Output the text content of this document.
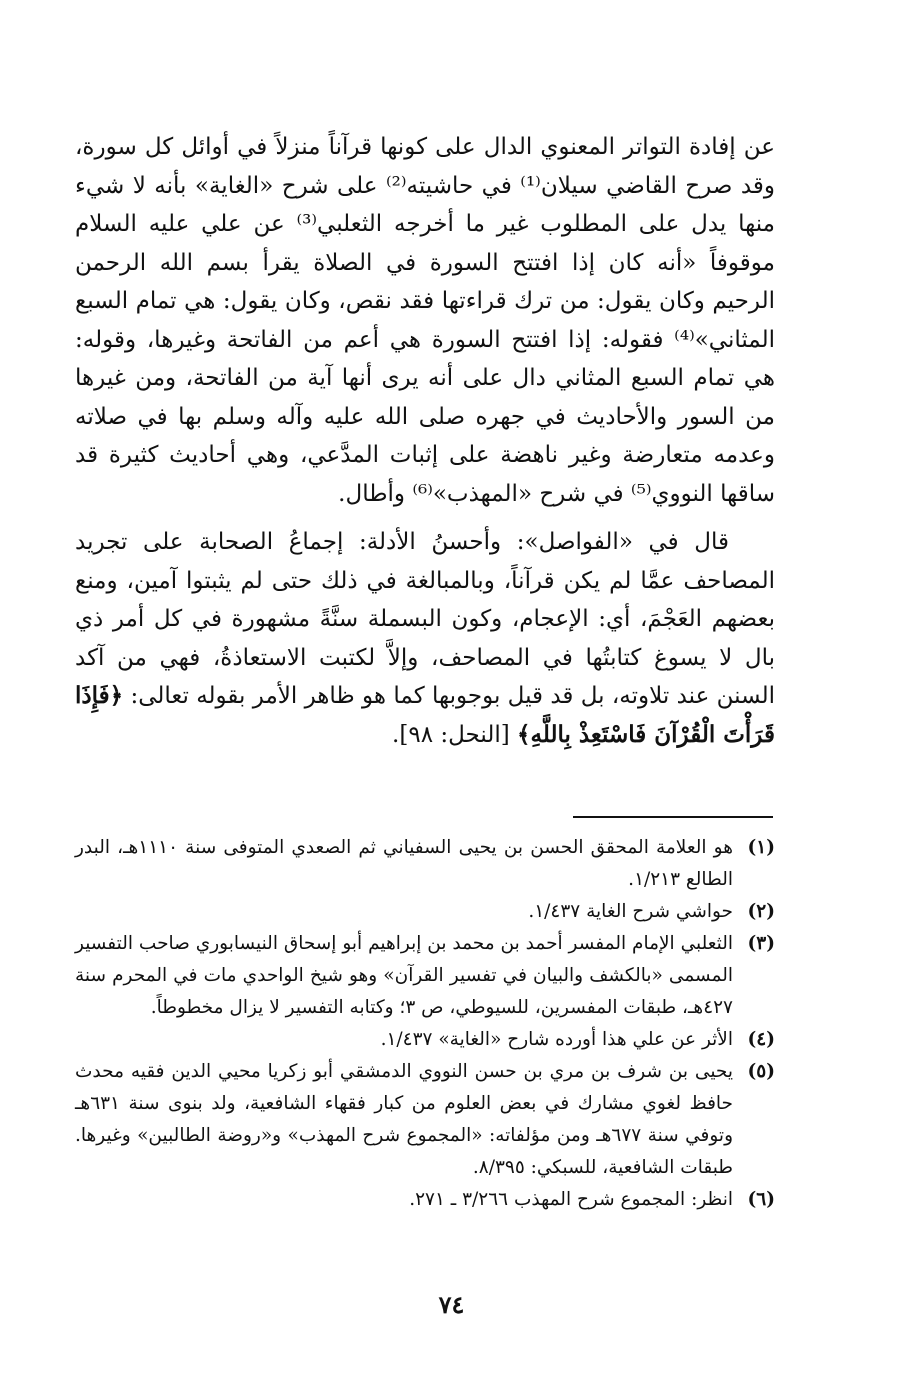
عن إفادة التواتر المعنوي الدال على كونها قرآناً منزلاً في أوائل كل سورة، وقد صرح القاضي سيلان⁽¹⁾ في حاشيته⁽²⁾ على شرح «الغاية» بأنه لا شيء منها يدل على المطلوب غير ما أخرجه الثعلبي⁽³⁾ عن علي عليه السلام موقوفاً «أنه كان إذا افتتح السورة في الصلاة يقرأ بسم الله الرحمن الرحيم وكان يقول: من ترك قراءتها فقد نقص، وكان يقول: هي تمام السبع المثاني»⁽⁴⁾ فقوله: إذا افتتح السورة هي أعم من الفاتحة وغيرها، وقوله: هي تمام السبع المثاني دال على أنه يرى أنها آية من الفاتحة، ومن غيرها من السور والأحاديث في جهره صلى الله عليه وآله وسلم بها في صلاته وعدمه متعارضة وغير ناهضة على إثبات المدَّعي، وهي أحاديث كثيرة قد ساقها النووي⁽⁵⁾ في شرح «المهذب»⁽⁶⁾ وأطال.

قال في «الفواصل»: وأحسنُ الأدلة: إجماعُ الصحابة على تجريد المصاحف عمَّا لم يكن قرآناً، وبالمبالغة في ذلك حتى لم يثبتوا آمين، ومنع بعضهم العَجْمَ، أي: الإعجام، وكون البسملة سنَّةً مشهورة في كل أمر ذي بال لا يسوغ كتابتُها في المصاحف، وإلاَّ لكتبت الاستعاذةُ، فهي من آكد السنن عند تلاوته، بل قد قيل بوجوبها كما هو ظاهر الأمر بقوله تعالى: ﴿فَإِذَا قَرَأْتَ الْقُرْآنَ فَاسْتَعِذْ بِاللَّهِ﴾ [النحل: ٩٨].

(١)
هو العلامة المحقق الحسن بن يحيى السفياني ثم الصعدي المتوفى سنة ١١١٠هـ، البدر الطالع ١/٢١٣.
(٢)
حواشي شرح الغاية ١/٤٣٧.
(٣)
الثعلبي الإمام المفسر أحمد بن محمد بن إبراهيم أبو إسحاق النيسابوري صاحب التفسير المسمى «بالكشف والبيان في تفسير القرآن» وهو شيخ الواحدي مات في المحرم سنة ٤٢٧هـ، طبقات المفسرين، للسيوطي، ص ٣؛ وكتابه التفسير لا يزال مخطوطاً.
(٤)
الأثر عن علي هذا أورده شارح «الغاية» ١/٤٣٧.
(٥)
يحيى بن شرف بن مري بن حسن النووي الدمشقي أبو زكريا محيي الدين فقيه محدث حافظ لغوي مشارك في بعض العلوم من كبار فقهاء الشافعية، ولد بنوى سنة ٦٣١هـ وتوفي سنة ٦٧٧هـ ومن مؤلفاته: «المجموع شرح المهذب» و«روضة الطالبين» وغيرها. طبقات الشافعية، للسبكي: ٨/٣٩٥.
(٦)
انظر: المجموع شرح المهذب ٣/٢٦٦ ـ ٢٧١.
٧٤
